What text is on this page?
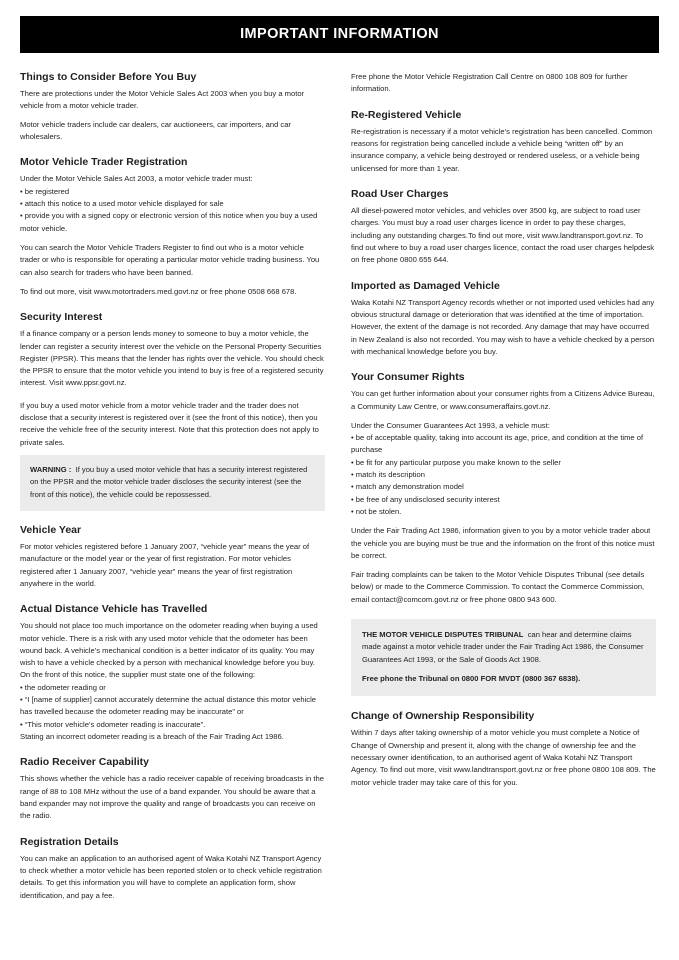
IMPORTANT INFORMATION
Things to Consider Before You Buy

There are protections under the Motor Vehicle Sales Act 2003 when you buy a motor vehicle from a motor vehicle trader.

Motor vehicle traders include car dealers, car auctioneers, car importers, and car wholesalers.

Motor Vehicle Trader Registration

Under the Motor Vehicle Sales Act 2003, a motor vehicle trader must:

• be registered

• attach this notice to a used motor vehicle displayed for sale

• provide you with a signed copy or electronic version of this notice when you buy a used motor vehicle.

You can search the Motor Vehicle Traders Register to find out who is a motor vehicle trader or who is responsible for operating a particular motor vehicle trading business. You can also search for traders who have been banned.

To find out more, visit www.motortraders.med.govt.nz or free phone 0508 668 678.

Security Interest

If a finance company or a person lends money to someone to buy a motor vehicle, the lender can register a security interest over the vehicle on the Personal Property Securities Register (PPSR). This means that the lender has rights over the vehicle. You should check the PPSR to ensure that the motor vehicle you intend to buy is free of a registered security interest. Visit www.ppsr.govt.nz.

If you buy a used motor vehicle from a motor vehicle trader and the trader does not disclose that a security interest is registered over it (see the front of this notice), then you receive the vehicle free of the security interest. Note that this protection does not apply to private sales.

WARNING : If you buy a used motor vehicle that has a security interest registered on the PPSR and the motor vehicle trader discloses the security interest (see the front of this notice), the vehicle could be repossessed.

Vehicle Year

For motor vehicles registered before 1 January 2007, “vehicle year” means the year of manufacture or the model year or the year of first registration. For motor vehicles registered after 1 January 2007, “vehicle year” means the year of first registration anywhere in the world.

Actual Distance Vehicle has Travelled

You should not place too much importance on the odometer reading when buying a used motor vehicle. There is a risk with any used motor vehicle that the odometer has been wound back. A vehicle’s mechanical condition is a better indicator of its quality. You may wish to have a vehicle checked by a person with mechanical knowledge before you buy.

On the front of this notice, the supplier must state one of the following:

• the odometer reading or

• “I [name of supplier] cannot accurately determine the actual distance this motor vehicle has travelled because the odometer reading may be inaccurate” or

• “This motor vehicle’s odometer reading is inaccurate”.

Stating an incorrect odometer reading is a breach of the Fair Trading Act 1986.

Radio Receiver Capability

This shows whether the vehicle has a radio receiver capable of receiving broadcasts in the range of 88 to 108 MHz without the use of a band expander. You should be aware that a band expander may not improve the quality and range of broadcasts you can receive on the radio.

Registration Details

You can make an application to an authorised agent of Waka Kotahi NZ Transport Agency to check whether a motor vehicle has been reported stolen or to check vehicle registration details. To get this information you will have to complete an application form, show identification, and pay a fee.

Free phone the Motor Vehicle Registration Call Centre on 0800 108 809 for further information.

Re-Registered Vehicle

Re-registration is necessary if a motor vehicle’s registration has been cancelled. Common reasons for registration being cancelled include a vehicle being “written off” by an insurance company, a vehicle being destroyed or rendered useless, or a vehicle being unlicensed for more than 1 year.

Road User Charges

All diesel-powered motor vehicles, and vehicles over 3500 kg, are subject to road user charges. You must buy a road user charges licence in order to pay these charges, including any outstanding charges.To find out more, visit www.landtransport.govt.nz. To find out where to buy a road user charges licence, contact the road user charges helpdesk on free phone 0800 655 644.

Imported as Damaged Vehicle

Waka Kotahi NZ Transport Agency records whether or not imported used vehicles had any obvious structural damage or deterioration that was identified at the time of importation. However, the extent of the damage is not recorded. Any damage that may have occurred in New Zealand is also not recorded. You may wish to have a vehicle checked by a person with mechanical knowledge before you buy.

Your Consumer Rights

You can get further information about your consumer rights from a Citizens Advice Bureau, a Community Law Centre, or www.consumeraffairs.govt.nz.

Under the Consumer Guarantees Act 1993, a vehicle must:

• be of acceptable quality, taking into account its age, price, and condition at the time of purchase

• be fit for any particular purpose you make known to the seller

• match its description

• match any demonstration model

• be free of any undisclosed security interest

• not be stolen.

Under the Fair Trading Act 1986, information given to you by a motor vehicle trader about the vehicle you are buying must be true and the information on the front of this notice must be correct.

Fair trading complaints can be taken to the Motor Vehicle Disputes Tribunal (see details below) or made to the Commerce Commission. To contact the Commerce Commission, email contact@comcom.govt.nz or free phone 0800 943 600.

THE MOTOR VEHICLE DISPUTES TRIBUNAL can hear and determine claims made against a motor vehicle trader under the Fair Trading Act 1986, the Consumer Guarantees Act 1993, or the Sale of Goods Act 1908.

Free phone the Tribunal on 0800 FOR MVDT (0800 367 6838).

Change of Ownership Responsibility

Within 7 days after taking ownership of a motor vehicle you must complete a Notice of Change of Ownership and present it, along with the change of ownership fee and the necessary owner identification, to an authorised agent of Waka Kotahi NZ Transport Agency. To find out more, visit www.landtransport.govt.nz or free phone 0800 108 809. The motor vehicle trader may take care of this for you.
